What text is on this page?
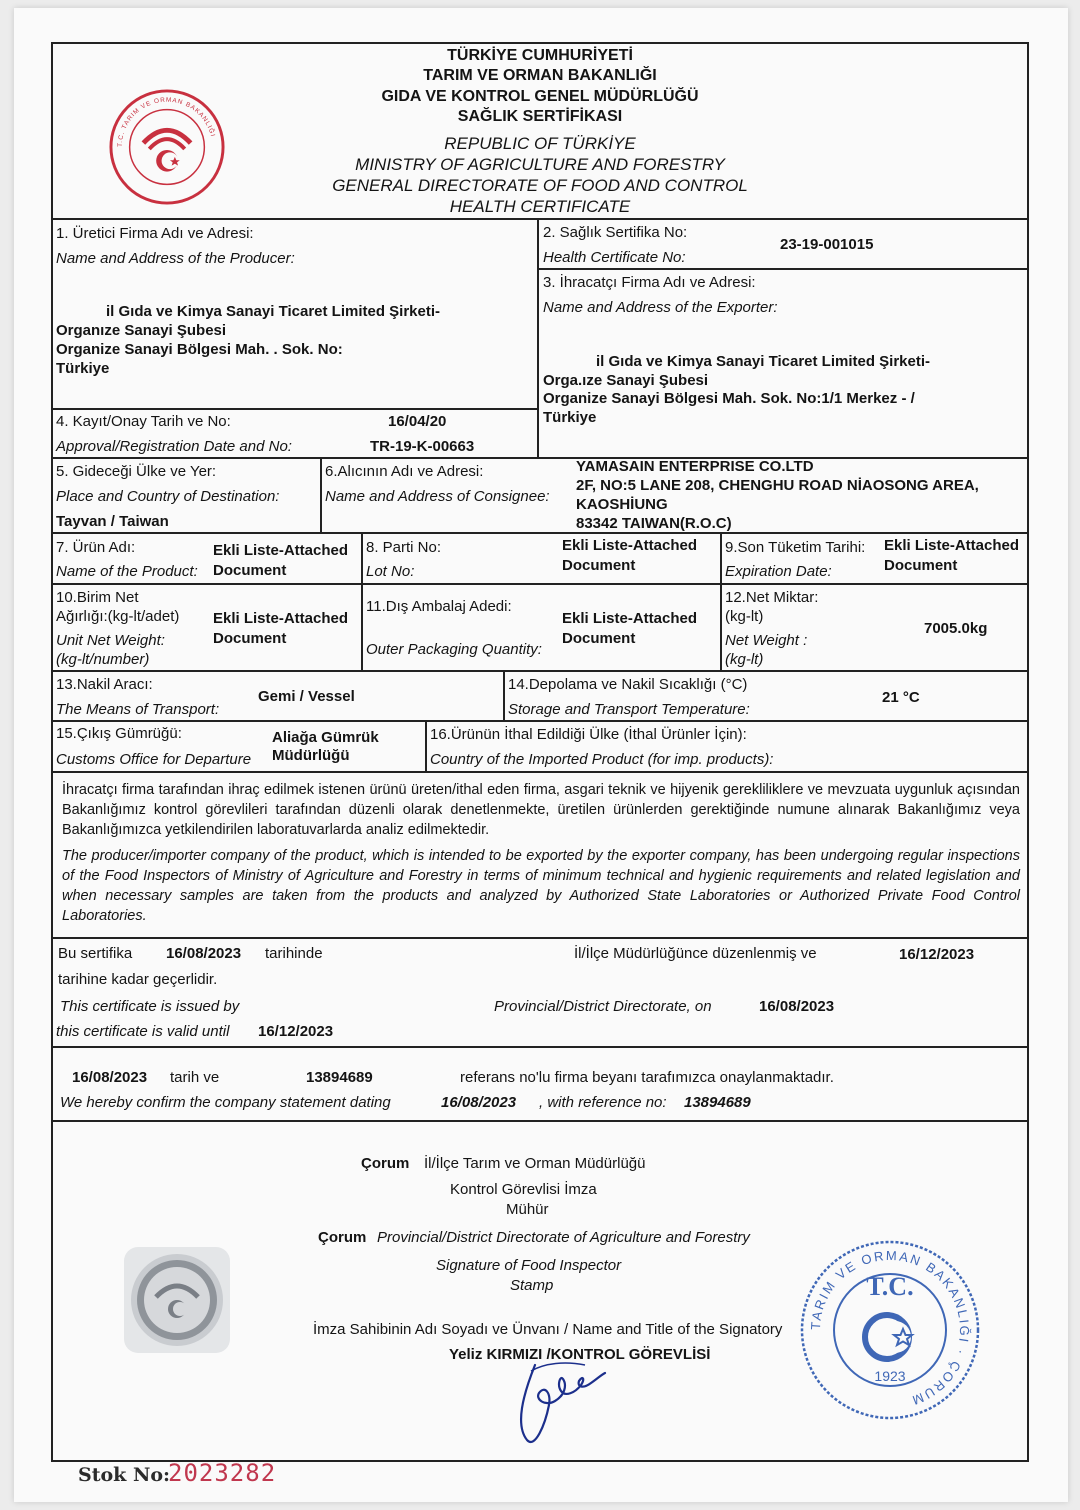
TÜRKİYE CUMHURİYETİ
TARIM VE ORMAN BAKANLIĞI
GIDA VE KONTROL GENEL MÜDÜRLÜĞÜ
SAĞLIK SERTİFİKASI
REPUBLIC OF TÜRKİYE
MINISTRY OF AGRICULTURE AND FORESTRY
GENERAL DIRECTORATE OF FOOD AND CONTROL
HEALTH CERTIFICATE
T.C. TARIM VE ORMAN BAKANLIĞI
1. Üretici Firma Adı ve Adresi:
Name and Address of the Producer:
il Gıda ve Kimya Sanayi Ticaret Limited Şirketi-
Organıze Sanayi Şubesi
Organize Sanayi Bölgesi Mah. . Sok. No:
Türkiye
2. Sağlık Sertifika No:
Health Certificate No:
23-19-001015
3. İhracatçı Firma Adı ve Adresi:
Name and Address of the Exporter:
il Gıda ve Kimya Sanayi Ticaret Limited Şirketi-
Orga.ıze Sanayi Şubesi
Organize Sanayi Bölgesi Mah. Sok. No:1/1 Merkez - /
Türkiye
4. Kayıt/Onay Tarih ve No:
Approval/Registration Date and No:
16/04/20
TR-19-K-00663
5. Gideceği Ülke ve Yer:
Place and Country of Destination:
Tayvan / Taiwan
6.Alıcının Adı ve Adresi:
Name and Address of Consignee:
YAMASAIN ENTERPRISE CO.LTD
2F, NO:5 LANE 208, CHENGHU ROAD NİAOSONG AREA,
KAOSHİUNG
83342 TAIWAN(R.O.C)
7. Ürün Adı:
Name of the Product:
Ekli Liste-Attached
Document
8. Parti No:
Lot No:
Ekli Liste-Attached
Document
9.Son Tüketim Tarihi:
Expiration Date:
Ekli Liste-Attached
Document
10.Birim Net
Ağırlığı:(kg-lt/adet)
Unit Net Weight:
(kg-lt/number)
Ekli Liste-Attached
Document
11.Dış Ambalaj Adedi:
Outer Packaging Quantity:
Ekli Liste-Attached
Document
12.Net Miktar:
(kg-lt)
Net Weight :
(kg-lt)
7005.0kg
13.Nakil Aracı:
The Means of Transport:
Gemi / Vessel
14.Depolama ve Nakil Sıcaklığı (°C)
Storage and Transport Temperature:
21 °C
15.Çıkış Gümrüğü:
Customs Office for Departure
Aliağa Gümrük
Müdürlüğü
16.Ürünün İthal Edildiği Ülke (İthal Ürünler İçin):
Country of the Imported Product (for imp. products):
İhracatçı firma tarafından ihraç edilmek istenen ürünü üreten/ithal eden firma, asgari teknik ve hijyenik gerekliliklere ve mevzuata uygunluk açısından Bakanlığımız kontrol görevlileri tarafından düzenli olarak denetlenmekte, üretilen ürünlerden gerektiğinde numune alınarak Bakanlığımız veya Bakanlığımızca yetkilendirilen laboratuvarlarda analiz edilmektedir.
The producer/importer company of the product, which is intended to be exported by the exporter company, has been undergoing regular inspections of the Food Inspectors of Ministry of Agriculture and Forestry in terms of minimum technical and hygienic requirements and related legislation and when necessary samples are taken from the products and analyzed by Authorized State Laboratories or Authorized Private Food Control Laboratories.
Bu sertifika 16/08/2023 tarihinde	İl/İlçe Müdürlüğünce düzenlenmiş ve	16/12/2023
tarihine kadar geçerlidir.
This certificate is issued by	Provincial/District Directorate, on	16/08/2023
this certificate is valid until 16/12/2023
16/08/2023 tarih ve	13894689	referans no'lu firma beyanı tarafımızca onaylanmaktadır.
We hereby confirm the company statement dating	16/08/2023 , with reference no: 13894689
Çorum İl/İlçe Tarım ve Orman Müdürlüğü
Kontrol Görevlisi İmza
Mühür
Çorum Provincial/District Directorate of Agriculture and Forestry
Signature of Food Inspector
Stamp
İmza Sahibinin Adı Soyadı ve Ünvanı / Name and Title of the Signatory
Yeliz KIRMIZI /KONTROL GÖREVLİSİ
TARIM VE ORMAN BAKANLIĞI · ÇORUM
T.C.
1923
Stok No:
2023282
